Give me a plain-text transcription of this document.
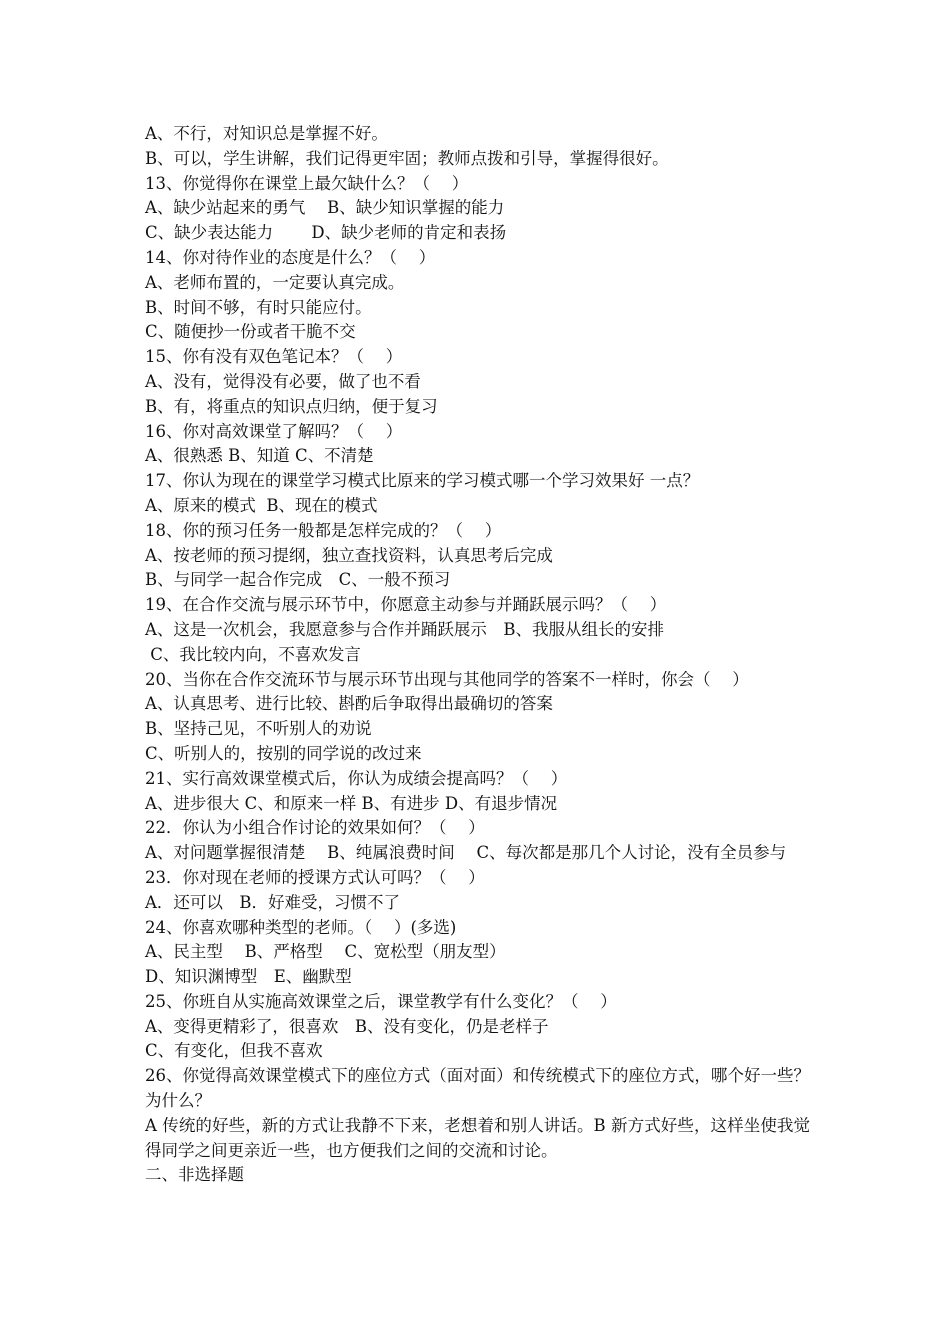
A、不行，对知识总是掌握不好。
B、可以，学生讲解，我们记得更牢固；教师点拨和引导，掌握得很好。
13、你觉得你在课堂上最欠缺什么？（　 ）
A、缺少站起来的勇气　 B、缺少知识掌握的能力
C、缺少表达能力　　 D、缺少老师的肯定和表扬
14、你对待作业的态度是什么？（　 ）
A、老师布置的，一定要认真完成。
B、时间不够，有时只能应付。
C、随便抄一份或者干脆不交
15、你有没有双色笔记本？（　 ）
A、没有，觉得没有必要，做了也不看
B、有，将重点的知识点归纳，便于复习
16、你对高效课堂了解吗？（　 ）
A、很熟悉 B、知道 C、不清楚
17、你认为现在的课堂学习模式比原来的学习模式哪一个学习效果好 一点？
A、原来的模式  B、现在的模式
18、你的预习任务一般都是怎样完成的？（　 ）
A、按老师的预习提纲，独立查找资料，认真思考后完成
B、与同学一起合作完成　C、一般不预习
19、在合作交流与展示环节中，你愿意主动参与并踊跃展示吗？（　 ）
A、这是一次机会，我愿意参与合作并踊跃展示　B、我服从组长的安排
C、我比较内向，不喜欢发言
20、当你在合作交流环节与展示环节出现与其他同学的答案不一样时，你会（　 ）
A、认真思考、进行比较、斟酌后争取得出最确切的答案
B、坚持己见，不听别人的劝说
C、听别人的，按别的同学说的改过来
21、实行高效课堂模式后，你认为成绩会提高吗？（　 ）
A、进步很大 C、和原来一样 B、有进步 D、有退步情况
22．你认为小组合作讨论的效果如何？（　 ）
A、对问题掌握很清楚　 B、纯属浪费时间　 C、每次都是那几个人讨论，没有全员参与
23．你对现在老师的授课方式认可吗？（　 ）
A．还可以　B．好难受，习惯不了
24、你喜欢哪种类型的老师。（　 ）(多选)
A、民主型　 B、严格型　 C、宽松型（朋友型）
D、知识渊博型　E、幽默型
25、你班自从实施高效课堂之后，课堂教学有什么变化？（　 ）
A、变得更精彩了，很喜欢　B、没有变化，仍是老样子
C、有变化，但我不喜欢
26、你觉得高效课堂模式下的座位方式（面对面）和传统模式下的座位方式，哪个好一些？为什么？
A 传统的好些，新的方式让我静不下来，老想着和别人讲话。B 新方式好些，这样坐使我觉得同学之间更亲近一些，也方便我们之间的交流和讨论。
二、非选择题
